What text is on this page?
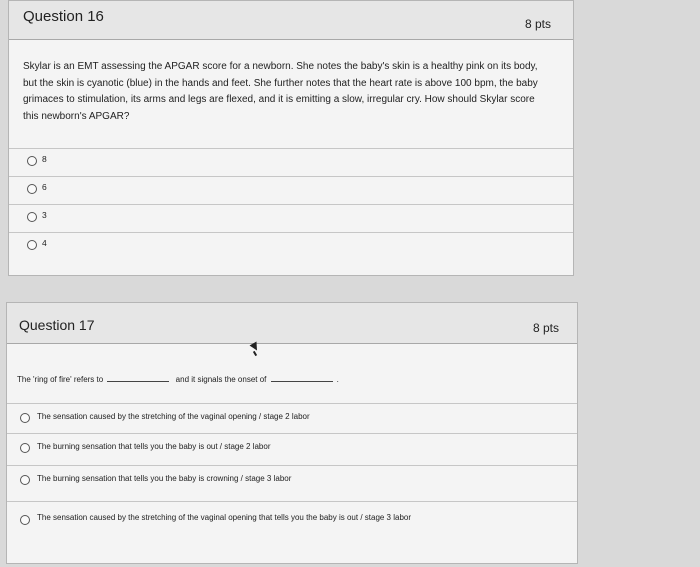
Question 16	8 pts
Skylar is an EMT assessing the APGAR score for a newborn. She notes the baby's skin is a healthy pink on its body, but the skin is cyanotic (blue) in the hands and feet. She further notes that the heart rate is above 100 bpm, the baby grimaces to stimulation, its arms and legs are flexed, and it is emitting a slow, irregular cry. How should Skylar score this newborn's APGAR?
8
6
3
4
Question 17	8 pts
The 'ring of fire' refers to	and it signals the onset of	.
The sensation caused by the stretching of the vaginal opening / stage 2 labor
The burning sensation that tells you the baby is out / stage 2 labor
The burning sensation that tells you the baby is crowning / stage 3 labor
The sensation caused by the stretching of the vaginal opening that tells you the baby is out / stage 3 labor
